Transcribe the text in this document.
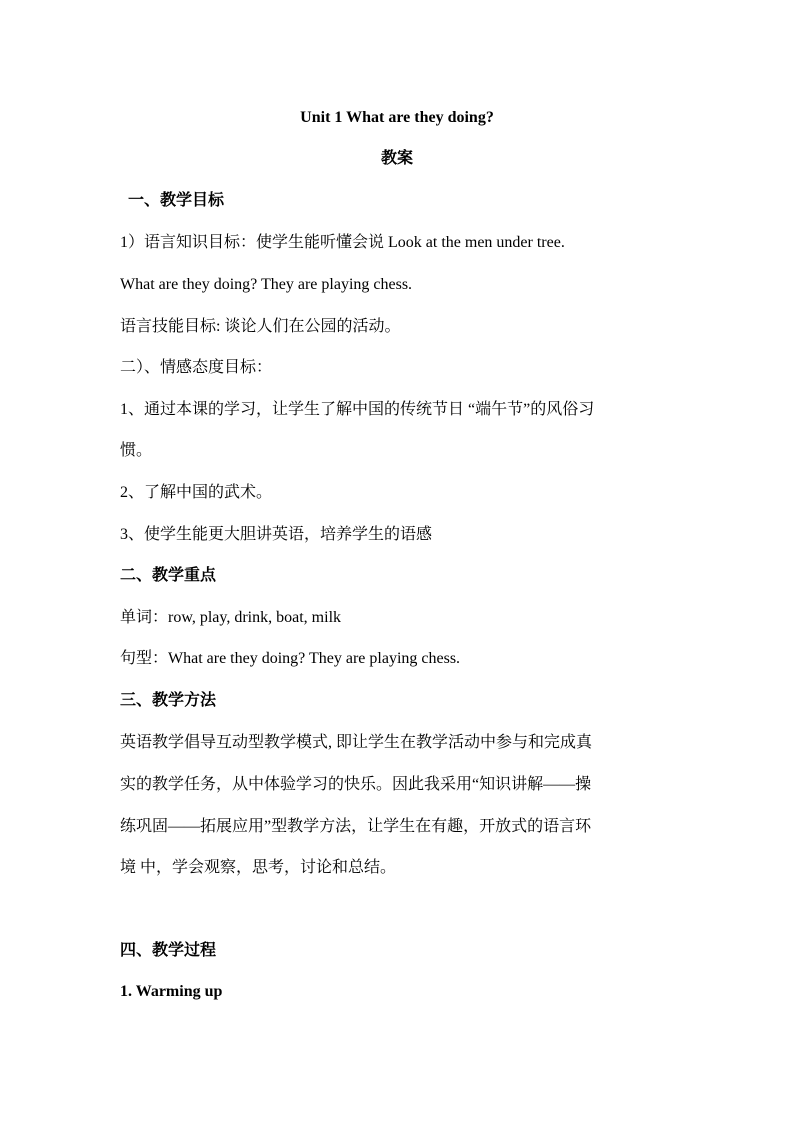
Unit 1 What are they doing?
教案
一、教学目标
1）语言知识目标：使学生能听懂会说 Look at the men under tree.
What are they doing? They are playing chess.
语言技能目标: 谈论人们在公园的活动。
二）、情感态度目标：
1、通过本课的学习，让学生了解中国的传统节日 “端午节”的风俗习
惯。
2、了解中国的武术。
3、使学生能更大胆讲英语，培养学生的语感
二、教学重点
单词：row, play, drink, boat, milk
句型：What are they doing? They are playing chess.
三、教学方法
英语教学倡导互动型教学模式, 即让学生在教学活动中参与和完成真
实的教学任务，从中体验学习的快乐。因此我采用“知识讲解——操
练巩固——拓展应用”型教学方法，让学生在有趣，开放式的语言环
境 中，学会观察，思考，讨论和总结。
四、教学过程
1. Warming up
